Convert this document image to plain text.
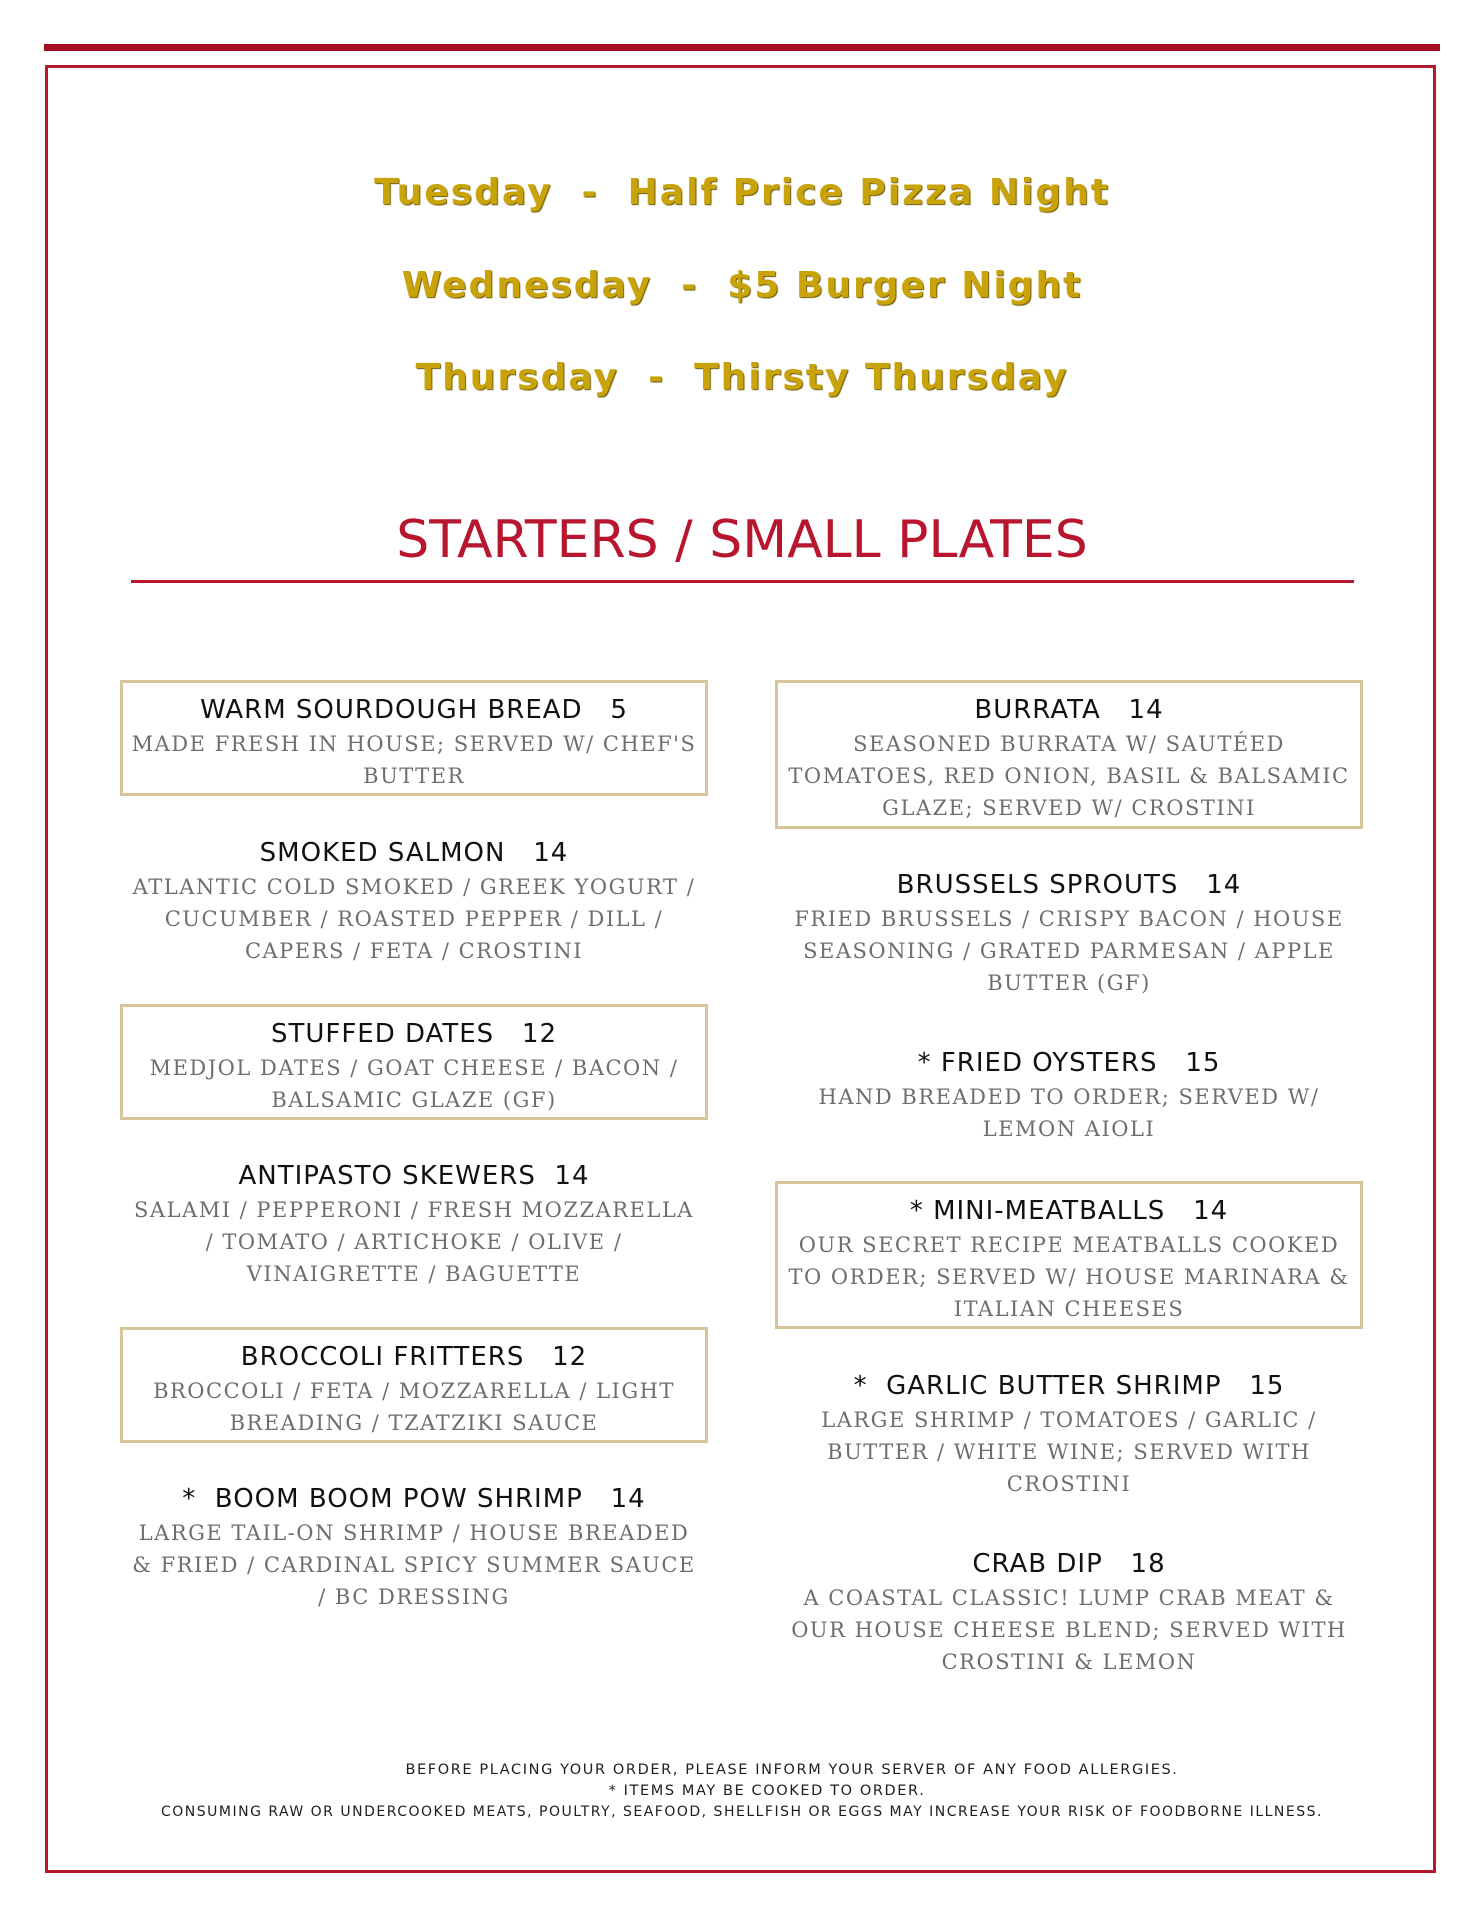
Tuesday  -  Half Price Pizza Night
Wednesday  -  $5 Burger Night
Thursday  -  Thirsty Thursday
STARTERS / SMALL PLATES
WARM SOURDOUGH BREAD   5
MADE FRESH IN HOUSE; SERVED W/ CHEF'S BUTTER
SMOKED SALMON   14
ATLANTIC COLD SMOKED / GREEK YOGURT / CUCUMBER / ROASTED PEPPER / DILL / CAPERS / FETA / CROSTINI
STUFFED DATES   12
MEDJOL DATES / GOAT CHEESE / BACON / BALSAMIC GLAZE (GF)
ANTIPASTO SKEWERS  14
SALAMI / PEPPERONI / FRESH MOZZARELLA / TOMATO / ARTICHOKE / OLIVE / VINAIGRETTE / BAGUETTE
BROCCOLI FRITTERS   12
BROCCOLI / FETA / MOZZARELLA / LIGHT BREADING / TZATZIKI SAUCE
*  BOOM BOOM POW SHRIMP   14
LARGE TAIL-ON SHRIMP / HOUSE BREADED & FRIED / CARDINAL SPICY SUMMER SAUCE / BC DRESSING
BURRATA   14
SEASONED BURRATA W/ SAUTÉED TOMATOES, RED ONION, BASIL & BALSAMIC GLAZE; SERVED W/ CROSTINI
BRUSSELS SPROUTS   14
FRIED BRUSSELS / CRISPY BACON / HOUSE SEASONING / GRATED PARMESAN / APPLE BUTTER (GF)
* FRIED OYSTERS   15
HAND BREADED TO ORDER; SERVED W/ LEMON AIOLI
* MINI-MEATBALLS   14
OUR SECRET RECIPE MEATBALLS COOKED TO ORDER; SERVED W/ HOUSE MARINARA & ITALIAN CHEESES
*  GARLIC BUTTER SHRIMP   15
LARGE SHRIMP / TOMATOES / GARLIC / BUTTER / WHITE WINE; SERVED WITH CROSTINI
CRAB DIP   18
A COASTAL CLASSIC! LUMP CRAB MEAT & OUR HOUSE CHEESE BLEND; SERVED WITH CROSTINI & LEMON
BEFORE PLACING YOUR ORDER, PLEASE INFORM YOUR SERVER OF ANY FOOD ALLERGIES.
* ITEMS MAY BE COOKED TO ORDER.
CONSUMING RAW OR UNDERCOOKED MEATS, POULTRY, SEAFOOD, SHELLFISH OR EGGS MAY INCREASE YOUR RISK OF FOODBORNE ILLNESS.
